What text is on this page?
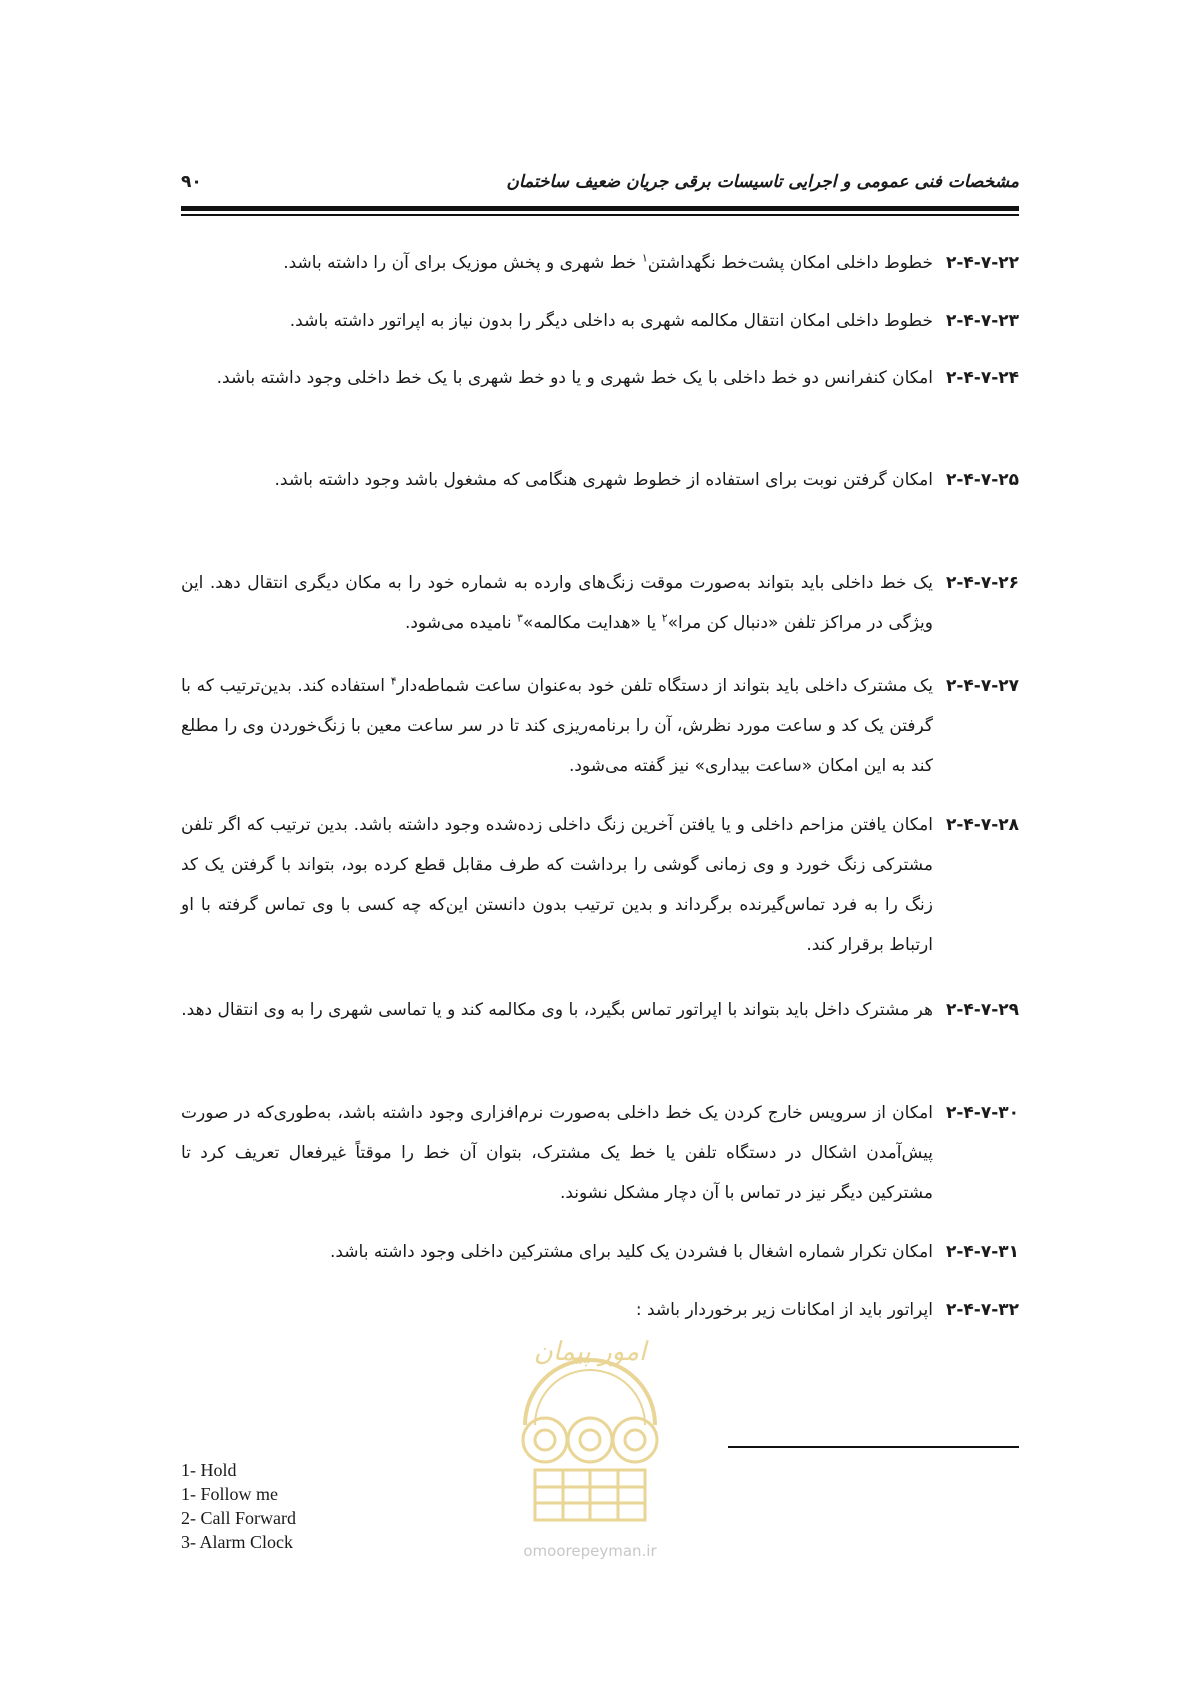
مشخصات فنی عمومی و اجرایی تاسیسات برقی جریان ضعیف ساختمان
۹۰
۲-۴-۷-۲۲
خطوط داخلی امکان پشت‌خط نگهداشتن$^۱$ خط شهری و پخش موزیک برای آن را داشته باشد.
۲-۴-۷-۲۳
خطوط داخلی امکان انتقال مکالمه شهری به داخلی دیگر را بدون نیاز به اپراتور داشته باشد.
۲-۴-۷-۲۴
امکان کنفرانس دو خط داخلی با یک خط شهری و یا دو خط شهری با یک خط داخلی وجود داشته باشد.
۲-۴-۷-۲۵
امکان گرفتن نوبت برای استفاده از خطوط شهری هنگامی که مشغول باشد وجود داشته باشد.
۲-۴-۷-۲۶
یک خط داخلی باید بتواند به‌صورت موقت زنگ‌های وارده به شماره خود را به مکان دیگری انتقال دهد. این ویژگی در مراکز تلفن «دنبال کن مرا»$^۲$ یا «هدایت مکالمه»$^۳$ نامیده می‌شود.
۲-۴-۷-۲۷
یک مشترک داخلی باید بتواند از دستگاه تلفن خود به‌عنوان ساعت شماطه‌دار$^۴$ استفاده کند. بدین‌ترتیب که با گرفتن یک کد و ساعت مورد نظرش، آن را برنامه‌ریزی کند تا در سر ساعت معین با زنگ‌خوردن وی را مطلع کند به این امکان «ساعت بیداری» نیز گفته می‌شود.
۲-۴-۷-۲۸
امکان یافتن مزاحم داخلی و یا یافتن آخرین زنگ داخلی زده‌شده وجود داشته باشد. بدین ترتیب که اگر تلفن مشترکی زنگ خورد و وی زمانی گوشی را برداشت که طرف مقابل قطع کرده بود، بتواند با گرفتن یک کد زنگ را به فرد تماس‌گیرنده برگرداند و بدین ترتیب بدون دانستن این‌که چه کسی با وی تماس گرفته با او ارتباط برقرار کند.
۲-۴-۷-۲۹
هر مشترک داخل باید بتواند با اپراتور تماس بگیرد، با وی مکالمه کند و یا تماسی شهری را به وی انتقال دهد.
۲-۴-۷-۳۰
امکان از سرویس خارج کردن یک خط داخلی به‌صورت نرم‌افزاری وجود داشته باشد، به‌طوری‌که در صورت پیش‌آمدن اشکال در دستگاه تلفن یا خط یک مشترک، بتوان آن خط را موقتاً غیرفعال تعریف کرد تا مشترکین دیگر نیز در تماس با آن دچار مشکل نشوند.
۲-۴-۷-۳۱
امکان تکرار شماره اشغال با فشردن یک کلید برای مشترکین داخلی وجود داشته باشد.
۲-۴-۷-۳۲
اپراتور باید از امکانات زیر برخوردار باشد :
1- Hold
1- Follow me
2- Call Forward
3- Alarm Clock
امور پیمان
omoorepeyman.ir
